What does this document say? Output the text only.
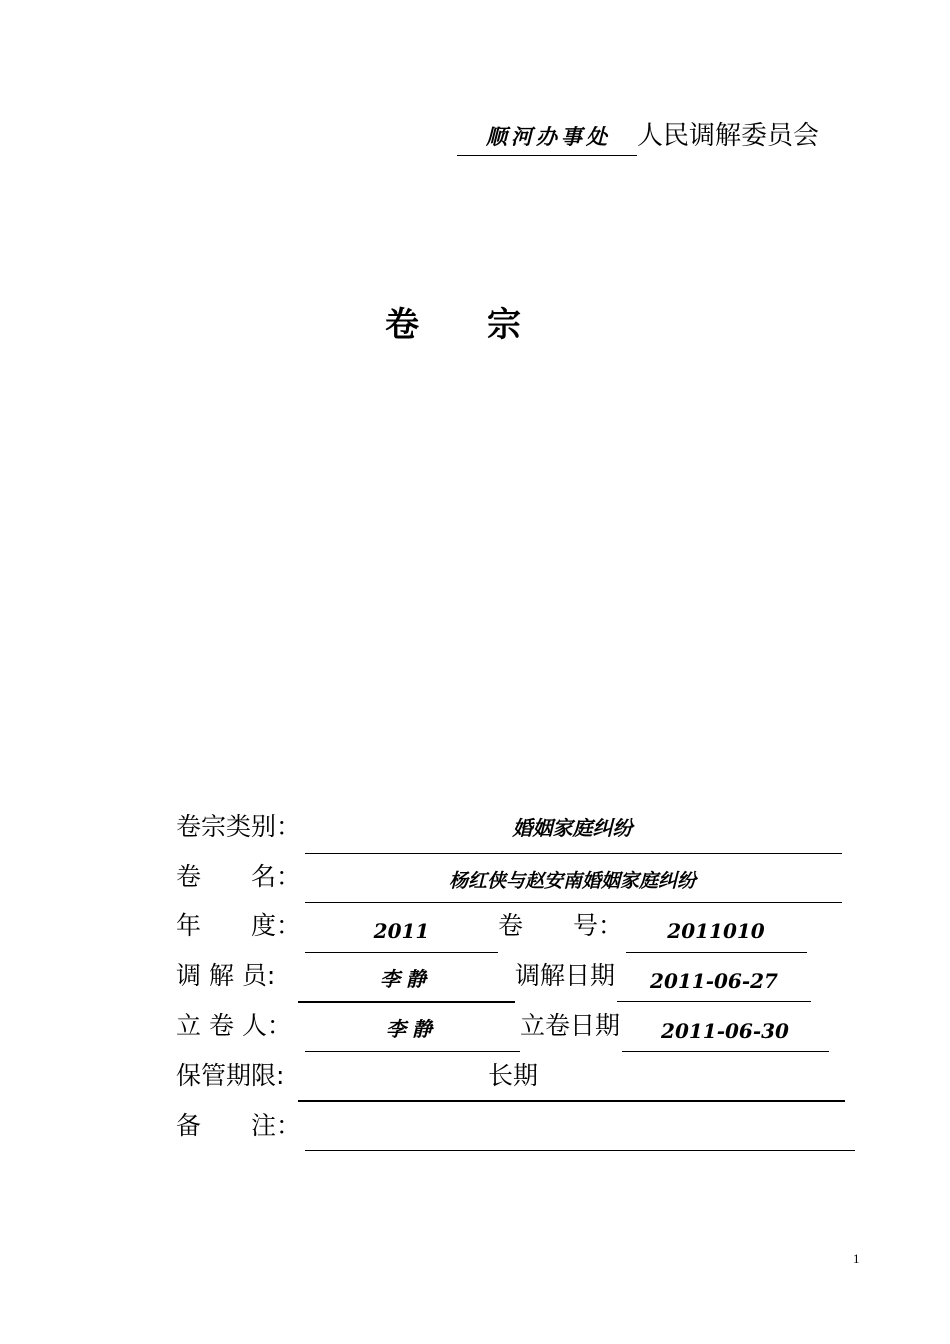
顺河办事处 人民调解委员会
卷　　宗
卷宗类别：	婚姻家庭纠纷
卷　　名：	杨红侠与赵安南婚姻家庭纠纷
年　　度：	2011	卷　　号：	2011010
调 解 员:	李静	调解日期	2011-06-27
立 卷 人：	李静	立卷日期	2011-06-30
保管期限:	长期
备　　注：
1
